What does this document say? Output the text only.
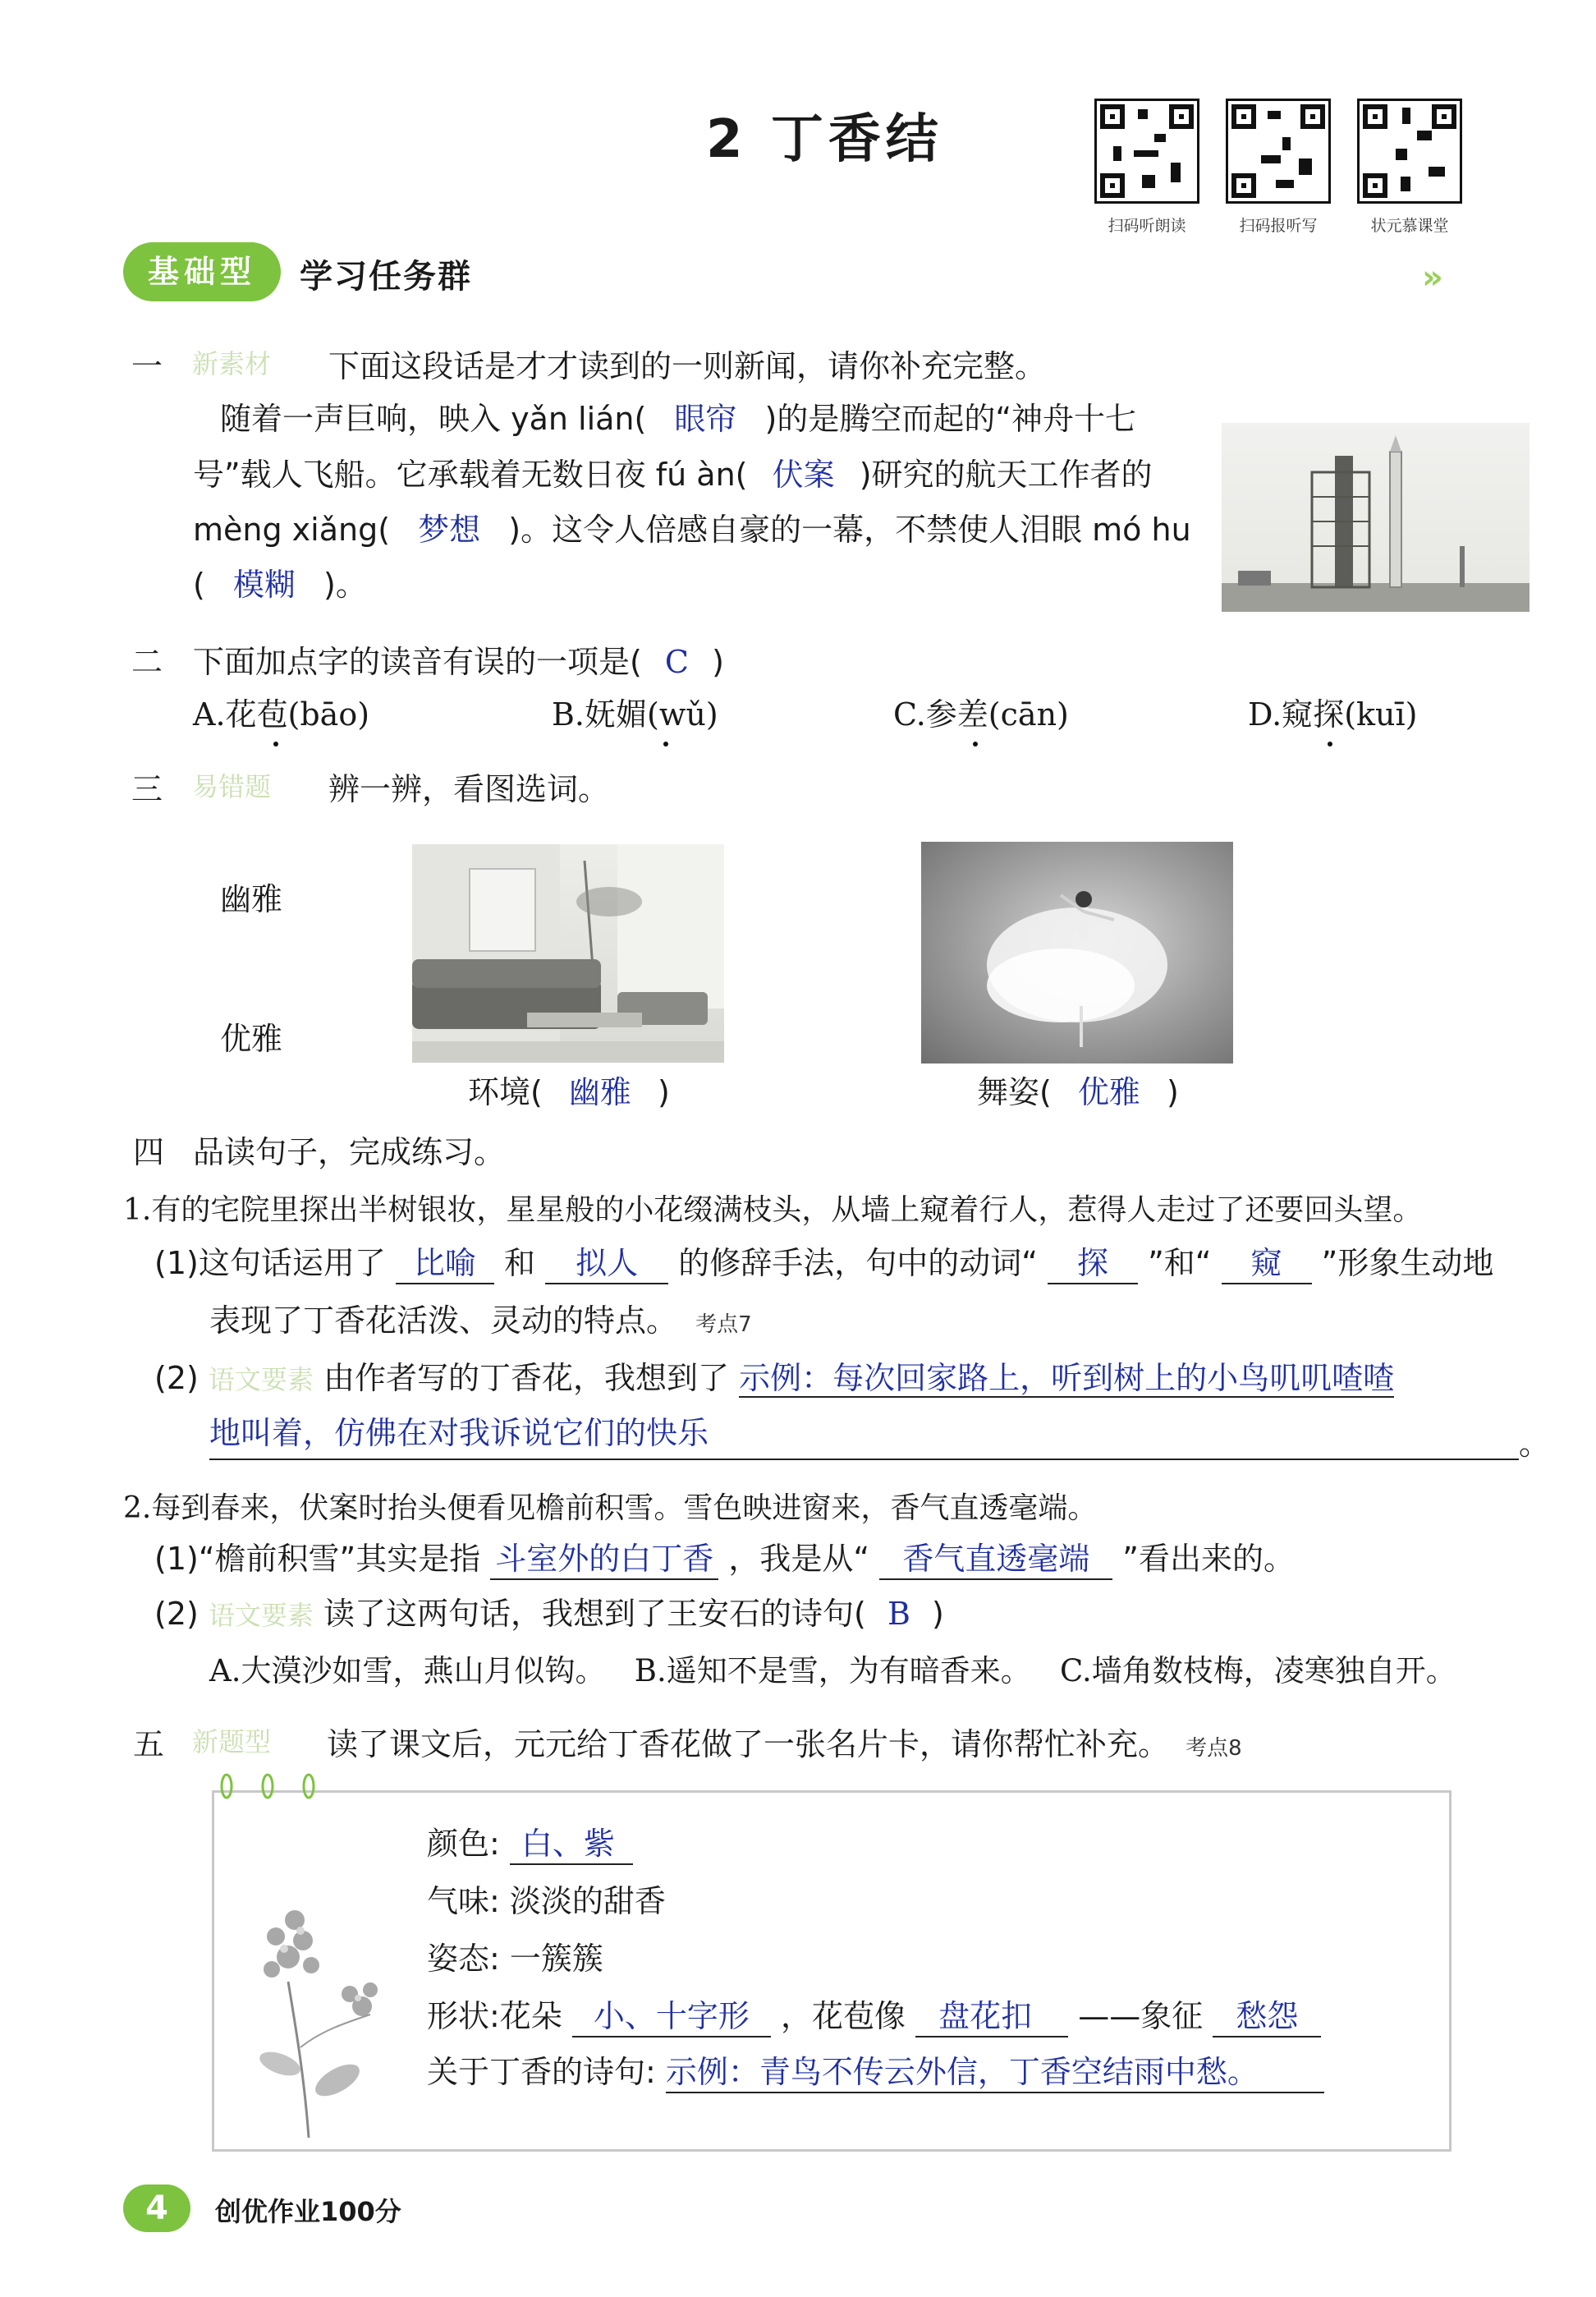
2 丁香结
扫码听朗读	扫码报听写	状元慕课堂
基础型	学习任务群	»
一 新素材 下面这段话是才才读到的一则新闻，请你补充完整。
随着一声巨响，映入 yǎn lián( 眼帘 )的是腾空而起的“神舟十七
号”载人飞船。它承载着无数日夜 fú àn( 伏案 )研究的航天工作者的
mèng xiǎng( 梦想 )。这令人倍感自豪的一幕，不禁使人泪眼 mó hu
( 模糊 )。
二 下面加点字的读音有误的一项是( C )
A.花苞(bāo)	B.妩媚(wǔ)	C.参差(cān)	D.窥探(kuī)
三 易错题 辨一辨，看图选词。
幽雅
优雅
环境( 幽雅 )	舞姿( 优雅 )
四 品读句子，完成练习。
1.有的宅院里探出半树银妆，星星般的小花缀满枝头，从墙上窥着行人，惹得人走过了还要回头望。
(1)这句话运用了 比喻 和 拟人 的修辞手法，句中的动词“ 探 ”和“ 窥 ”形象生动地
表现了丁香花活泼、灵动的特点。 考点7
(2) 语文要素 由作者写的丁香花，我想到了 示例：每次回家路上，听到树上的小鸟叽叽喳喳
地叫着，仿佛在对我诉说它们的快乐	。
2.每到春来，伏案时抬头便看见檐前积雪。雪色映进窗来，香气直透毫端。
(1)“檐前积雪”其实是指 斗室外的白丁香 ，我是从“ 香气直透毫端 ”看出来的。
(2) 语文要素 读了这两句话，我想到了王安石的诗句( B )
A.大漠沙如雪，燕山月似钩。   B.遥知不是雪，为有暗香来。   C.墙角数枝梅，凌寒独自开。
五 新题型 读了课文后，元元给丁香花做了一张名片卡，请你帮忙补充。 考点8
颜色: 白、紫
气味: 淡淡的甜香
姿态: 一簇簇
形状:花朵 小、十字形 ，花苞像 盘花扣 ——象征 愁怨
关于丁香的诗句: 示例：青鸟不传云外信，丁香空结雨中愁。
4	创优作业100分
